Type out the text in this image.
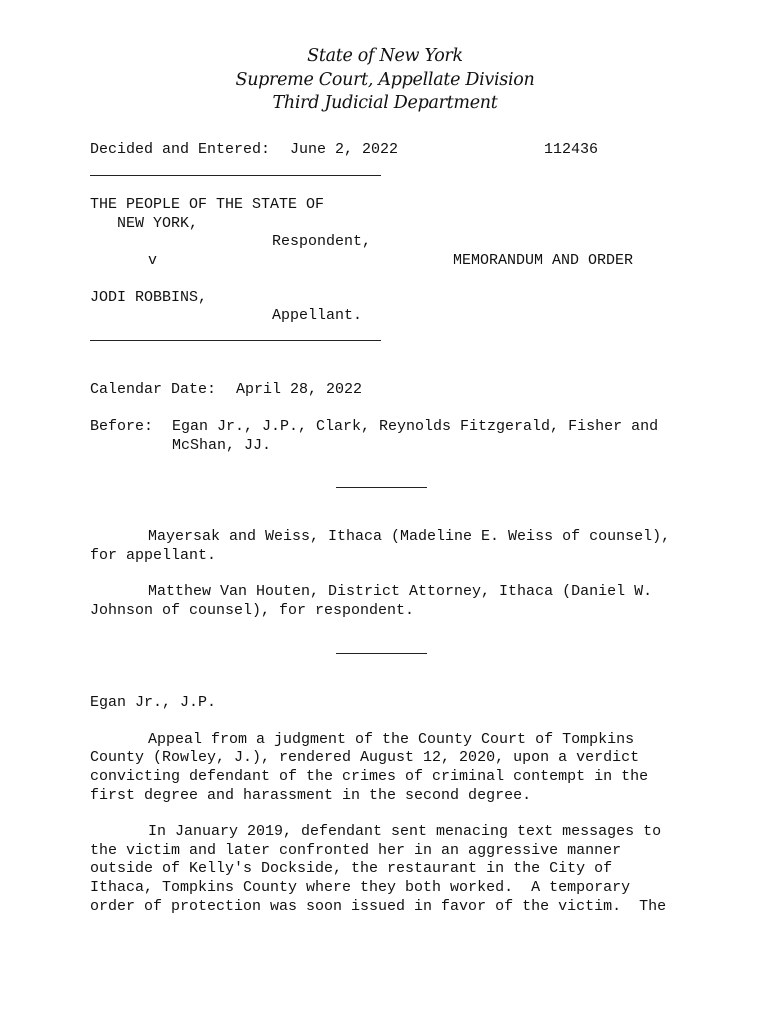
State of New York
Supreme Court, Appellate Division
Third Judicial Department
Decided and Entered: June 2, 2022	112436
THE PEOPLE OF THE STATE OF
NEW YORK,
Respondent,
v	MEMORANDUM AND ORDER
JODI ROBBINS,
Appellant.
Calendar Date: April 28, 2022
Before: Egan Jr., J.P., Clark, Reynolds Fitzgerald, Fisher and
McShan, JJ.
Mayersak and Weiss, Ithaca (Madeline E. Weiss of counsel),
for appellant.
Matthew Van Houten, District Attorney, Ithaca (Daniel W.
Johnson of counsel), for respondent.
Egan Jr., J.P.
Appeal from a judgment of the County Court of Tompkins
County (Rowley, J.), rendered August 12, 2020, upon a verdict
convicting defendant of the crimes of criminal contempt in the
first degree and harassment in the second degree.
In January 2019, defendant sent menacing text messages to
the victim and later confronted her in an aggressive manner
outside of Kelly's Dockside, the restaurant in the City of
Ithaca, Tompkins County where they both worked.  A temporary
order of protection was soon issued in favor of the victim.  The
